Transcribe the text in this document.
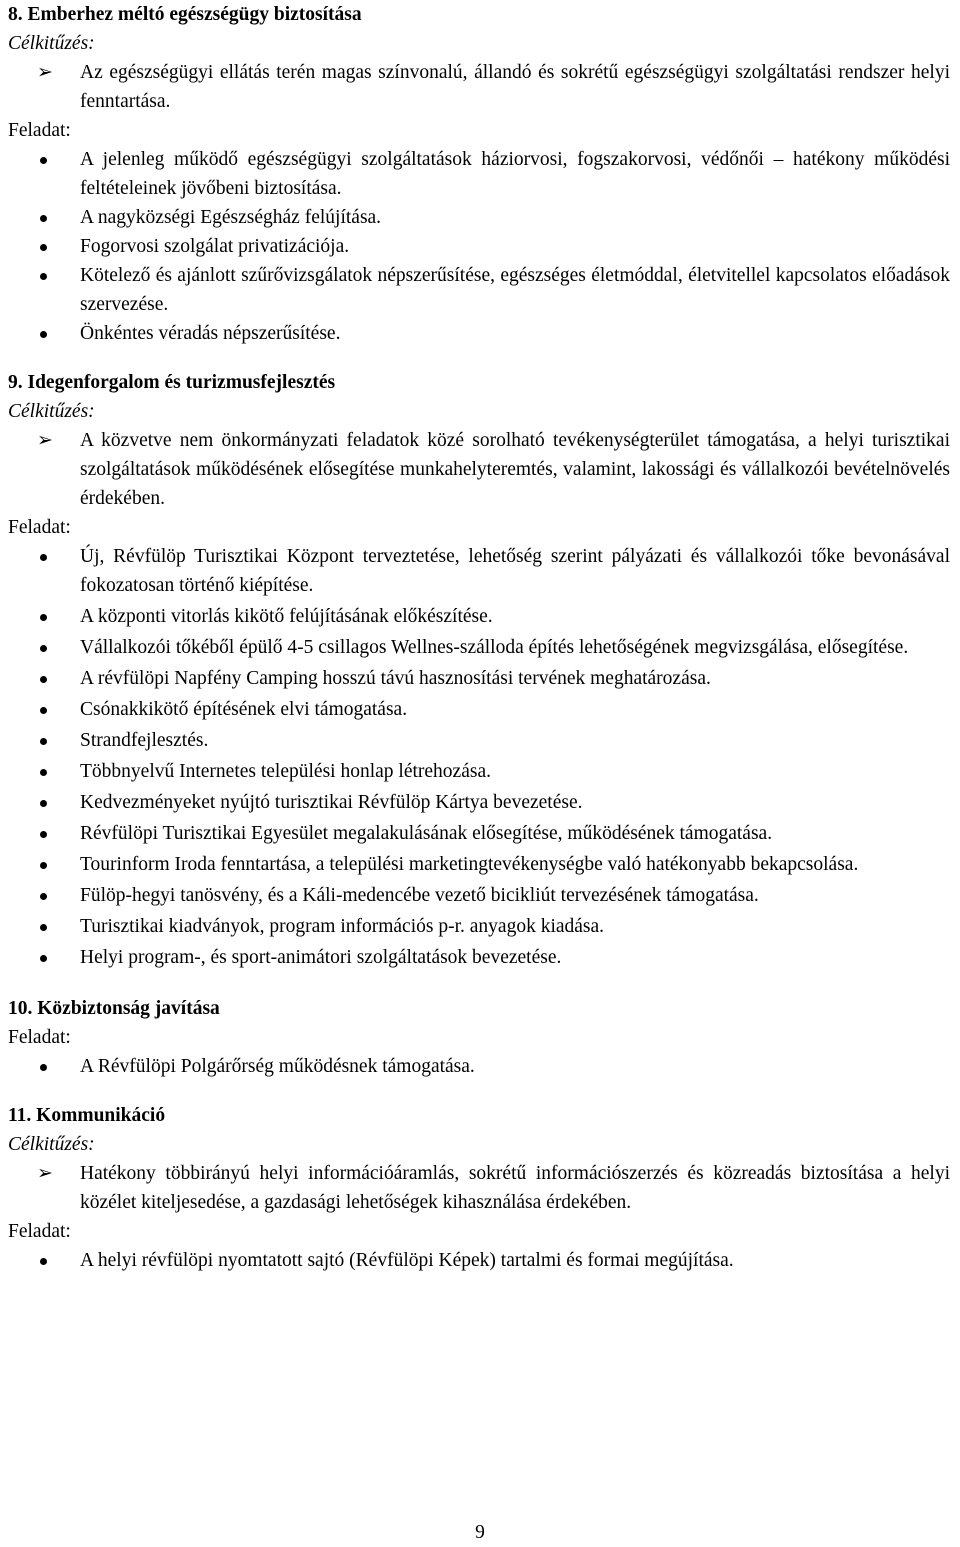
8. Emberhez méltó egészségügy biztosítása
Célkitűzés:
➢ Az egészségügyi ellátás terén magas színvonalú, állandó és sokrétű egészségügyi szolgáltatási rendszer helyi fenntartása.
Feladat:
A jelenleg működő egészségügyi szolgáltatások háziorvosi, fogszakorvosi, védőnői – hatékony működési feltételeinek jövőbeni biztosítása.
A nagyközségi Egészségház felújítása.
Fogorvosi szolgálat privatizációja.
Kötelező és ajánlott szűrővizsgálatok népszerűsítése, egészséges életmóddal, életvitellel kapcsolatos előadások szervezése.
Önkéntes véradás népszerűsítése.
9. Idegenforgalom és turizmusfejlesztés
Célkitűzés:
➢ A közvetve nem önkormányzati feladatok közé sorolható tevékenységterület támogatása, a helyi turisztikai szolgáltatások működésének elősegítése munkahelyteremtés, valamint, lakossági és vállalkozói bevételnövelés érdekében.
Feladat:
Új, Révfülöp Turisztikai Központ terveztetése, lehetőség szerint pályázati és vállalkozói tőke bevonásával fokozatosan történő kiépítése.
A központi vitorlás kikötő felújításának előkészítése.
Vállalkozói tőkéből épülő 4-5 csillagos Wellnes-szálloda építés lehetőségének megvizsgálása, elősegítése.
A révfülöpi Napfény Camping hosszú távú hasznosítási tervének meghatározása.
Csónakkikötő építésének elvi támogatása.
Strandfejlesztés.
Többnyelvű Internetes települési honlap létrehozása.
Kedvezményeket nyújtó turisztikai Révfülöp Kártya bevezetése.
Révfülöpi Turisztikai Egyesület megalakulásának elősegítése, működésének támogatása.
Tourinform Iroda fenntartása, a települési marketingtevékenységbe való hatékonyabb bekapcsolása.
Fülöp-hegyi tanösvény, és a Káli-medencébe vezető bicikliút tervezésének támogatása.
Turisztikai kiadványok, program információs p-r. anyagok kiadása.
Helyi program-, és sport-animátori szolgáltatások bevezetése.
10. Közbiztonság javítása
Feladat:
A Révfülöpi Polgárőrség működésnek támogatása.
11. Kommunikáció
Célkitűzés:
➢ Hatékony többirányú helyi információáramlás, sokrétű információszerzés és közreadás biztosítása a helyi közélet kiteljesedése, a gazdasági lehetőségek kihasználása érdekében.
Feladat:
A helyi révfülöpi nyomtatott sajtó (Révfülöpi Képek) tartalmi és formai megújítása.
9
